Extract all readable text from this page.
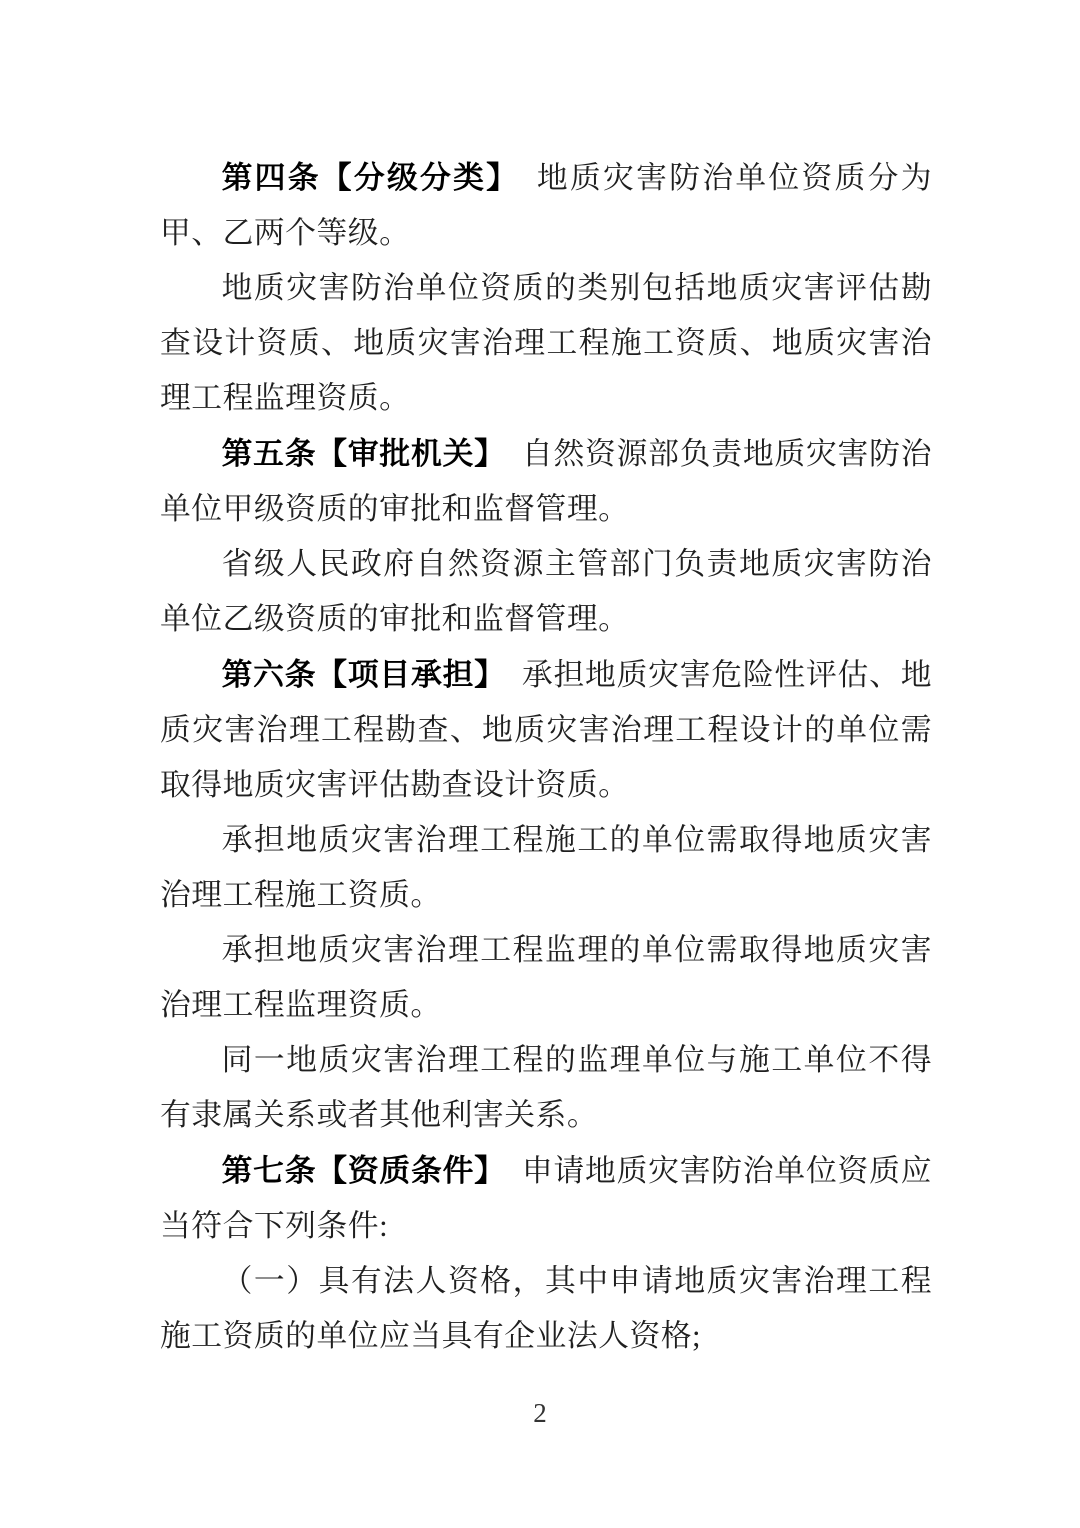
第四条【分级分类】　地质灾害防治单位资质分为甲、乙两个等级。

地质灾害防治单位资质的类别包括地质灾害评估勘查设计资质、地质灾害治理工程施工资质、地质灾害治理工程监理资质。

第五条【审批机关】　自然资源部负责地质灾害防治单位甲级资质的审批和监督管理。

省级人民政府自然资源主管部门负责地质灾害防治单位乙级资质的审批和监督管理。

第六条【项目承担】　承担地质灾害危险性评估、地质灾害治理工程勘查、地质灾害治理工程设计的单位需取得地质灾害评估勘查设计资质。

承担地质灾害治理工程施工的单位需取得地质灾害治理工程施工资质。

承担地质灾害治理工程监理的单位需取得地质灾害治理工程监理资质。

同一地质灾害治理工程的监理单位与施工单位不得有隶属关系或者其他利害关系。

第七条【资质条件】　申请地质灾害防治单位资质应当符合下列条件:

（一）具有法人资格，其中申请地质灾害治理工程施工资质的单位应当具有企业法人资格;

2
